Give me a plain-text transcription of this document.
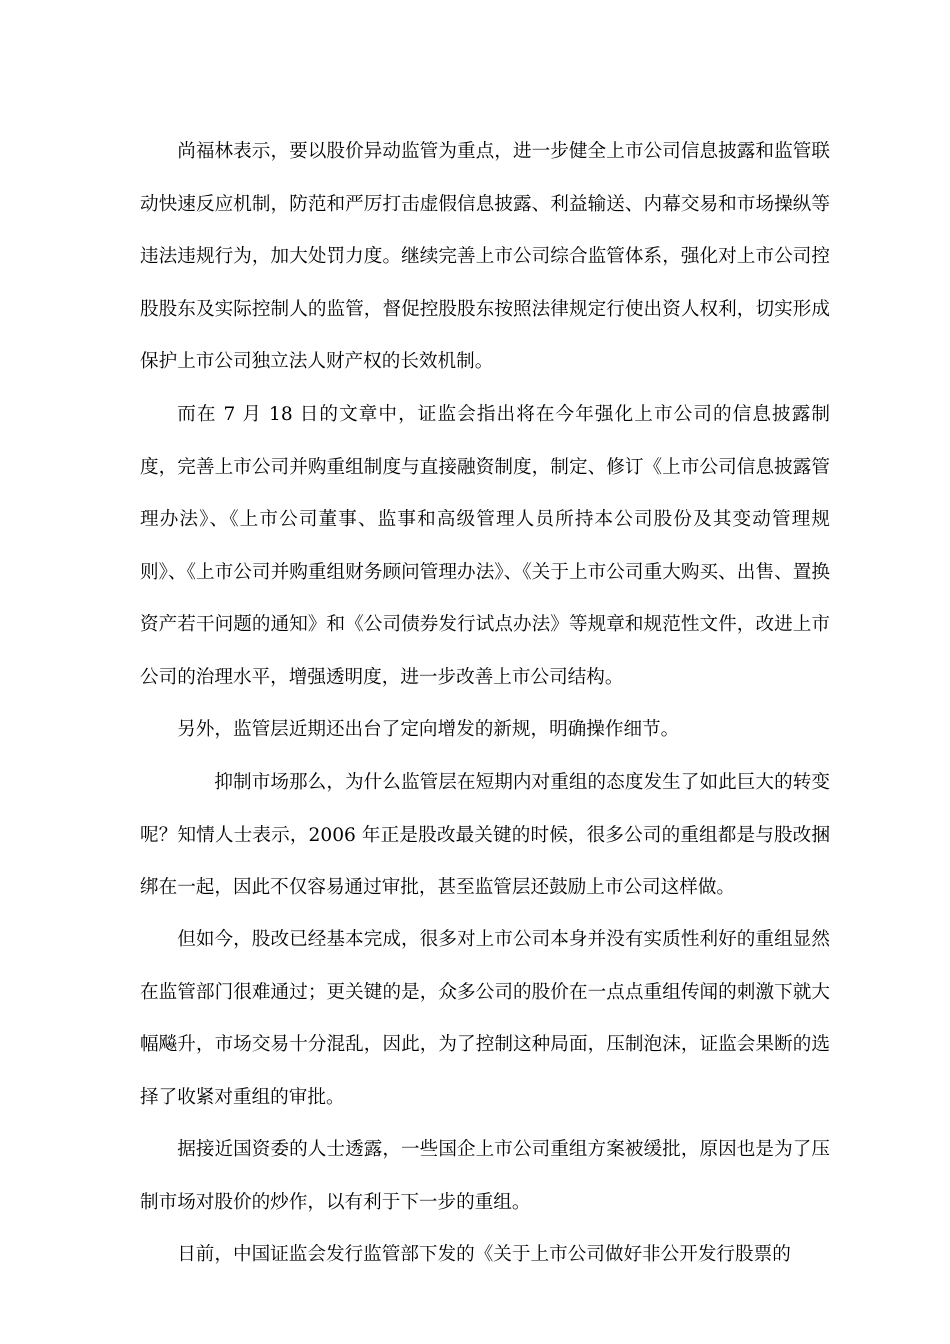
尚福林表示，要以股价异动监管为重点，进一步健全上市公司信息披露和监管联动快速反应机制，防范和严厉打击虚假信息披露、利益输送、内幕交易和市场操纵等违法违规行为，加大处罚力度。继续完善上市公司综合监管体系，强化对上市公司控股股东及实际控制人的监管，督促控股股东按照法律规定行使出资人权利，切实形成保护上市公司独立法人财产权的长效机制。

而在 7 月 18 日的文章中，证监会指出将在今年强化上市公司的信息披露制度，完善上市公司并购重组制度与直接融资制度，制定、修订《上市公司信息披露管理办法》、《上市公司董事、监事和高级管理人员所持本公司股份及其变动管理规则》、《上市公司并购重组财务顾问管理办法》、《关于上市公司重大购买、出售、置换资产若干问题的通知》和《公司债券发行试点办法》等规章和规范性文件，改进上市公司的治理水平，增强透明度，进一步改善上市公司结构。

另外，监管层近期还出台了定向增发的新规，明确操作细节。

抑制市场那么，为什么监管层在短期内对重组的态度发生了如此巨大的转变呢？知情人士表示，2006 年正是股改最关键的时候，很多公司的重组都是与股改捆绑在一起，因此不仅容易通过审批，甚至监管层还鼓励上市公司这样做。

但如今，股改已经基本完成，很多对上市公司本身并没有实质性利好的重组显然在监管部门很难通过；更关键的是，众多公司的股价在一点点重组传闻的刺激下就大幅飚升，市场交易十分混乱，因此，为了控制这种局面，压制泡沫，证监会果断的选择了收紧对重组的审批。

据接近国资委的人士透露，一些国企上市公司重组方案被缓批，原因也是为了压制市场对股价的炒作，以有利于下一步的重组。

日前，中国证监会发行监管部下发的《关于上市公司做好非公开发行股票的
